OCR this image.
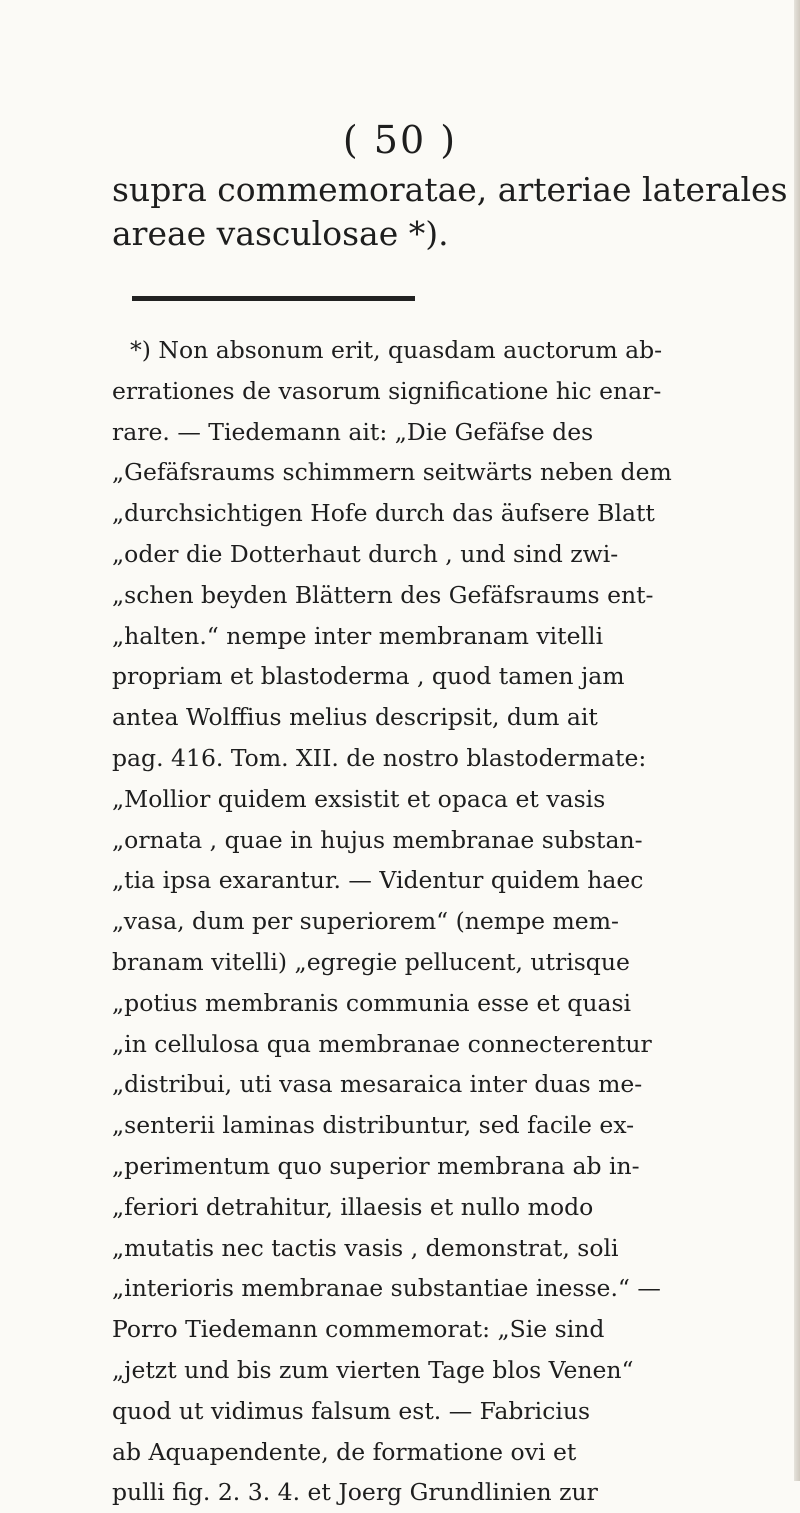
( 50 )
supra commemoratae, arteriae laterales
areae vasculosae *).
*) Non absonum erit, quasdam auctorum ab-
errationes de vasorum significatione hic enar-
rare. — Tiedemann ait: „Die Gefäfse des
„Gefäfsraums schimmern seitwärts neben dem
„durchsichtigen Hofe durch das äufsere Blatt
„oder die Dotterhaut durch , und sind zwi-
„schen beyden Blättern des Gefäfsraums ent-
„halten.“ nempe inter membranam vitelli
propriam et blastoderma , quod tamen jam
antea Wolffius melius descripsit, dum ait
pag. 416. Tom. XII. de nostro blastodermate:
„Mollior quidem exsistit et opaca et vasis
„ornata , quae in hujus membranae substan-
„tia ipsa exarantur. — Videntur quidem haec
„vasa, dum per superiorem“ (nempe mem-
branam vitelli) „egregie pellucent, utrisque
„potius membranis communia esse et quasi
„in cellulosa qua membranae connecterentur
„distribui, uti vasa mesaraica inter duas me-
„senterii laminas distribuntur, sed facile ex-
„perimentum quo superior membrana ab in-
„feriori detrahitur, illaesis et nullo modo
„mutatis nec tactis vasis , demonstrat, soli
„interioris membranae substantiae inesse.“ —
Porro Tiedemann commemorat: „Sie sind
„jetzt und bis zum vierten Tage blos Venen“
quod ut vidimus falsum est. — Fabricius
ab Aquapendente, de formatione ovi et
pulli fig. 2. 3. 4. et Joerg Grundlinien zur
